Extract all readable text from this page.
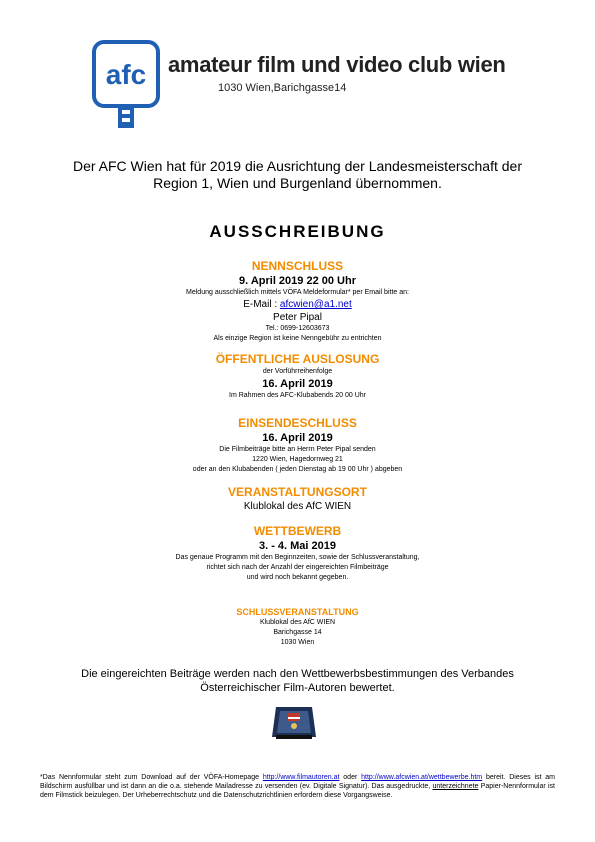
afc amateur film und video club wien
1030 Wien,Barichgasse14
Der AFC Wien hat für 2019 die Ausrichtung der Landesmeisterschaft der
Region 1, Wien und Burgenland übernommen.
AUSSCHREIBUNG
NENNSCHLUSS
9. April 2019 22 00 Uhr
Meldung ausschließlich mittels VÖFA Meldeformular* per Email bitte an:
E-Mail : afcwien@a1.net
Peter Pipal
Tel.: 0699-12603673
Als einzige Region ist keine Nenngebühr zu entrichten
ÖFFENTLICHE AUSLOSUNG
der Vorführreihenfolge
16. April 2019
Im Rahmen des AFC-Klubabends 20 00 Uhr
EINSENDESCHLUSS
16. April 2019
Die Filmbeiträge bitte an Herrn Peter Pipal senden
1220 Wien, Hagedornweg 21
oder an den Klubabenden ( jeden Dienstag ab 19 00 Uhr ) abgeben
VERANSTALTUNGSORT
Klublokal des AfC WIEN
WETTBEWERB
3. - 4. Mai 2019
Das genaue Programm mit den Beginnzeiten, sowie der Schlussveranstaltung,
richtet sich nach der Anzahl der eingereichten Filmbeiträge
und wird noch bekannt gegeben.
SCHLUSSVERANSTALTUNG
Klublokal des AfC WIEN
Barichgasse 14
1030 Wien
Die eingereichten Beiträge werden nach den Wettbewerbsbestimmungen des Verbandes
Österreichischer Film-Autoren bewertet.
*Das Nennformular steht zum Download auf der VÖFA-Homepage http://www.filmautoren.at oder http://www.afcwien.at/wettbewerbe.htm bereit. Dieses ist am Bildschirm ausfüllbar und ist dann an die o.a. stehende Mailadresse zu versenden (ev. Digitale Signatur). Das ausgedruckte, unterzeichnete Papier-Nennformular ist dem Filmstick beizulegen. Der Urheberrechtschutz und die Datenschutzrichtlinien erfordern diese Vorgangsweise.
